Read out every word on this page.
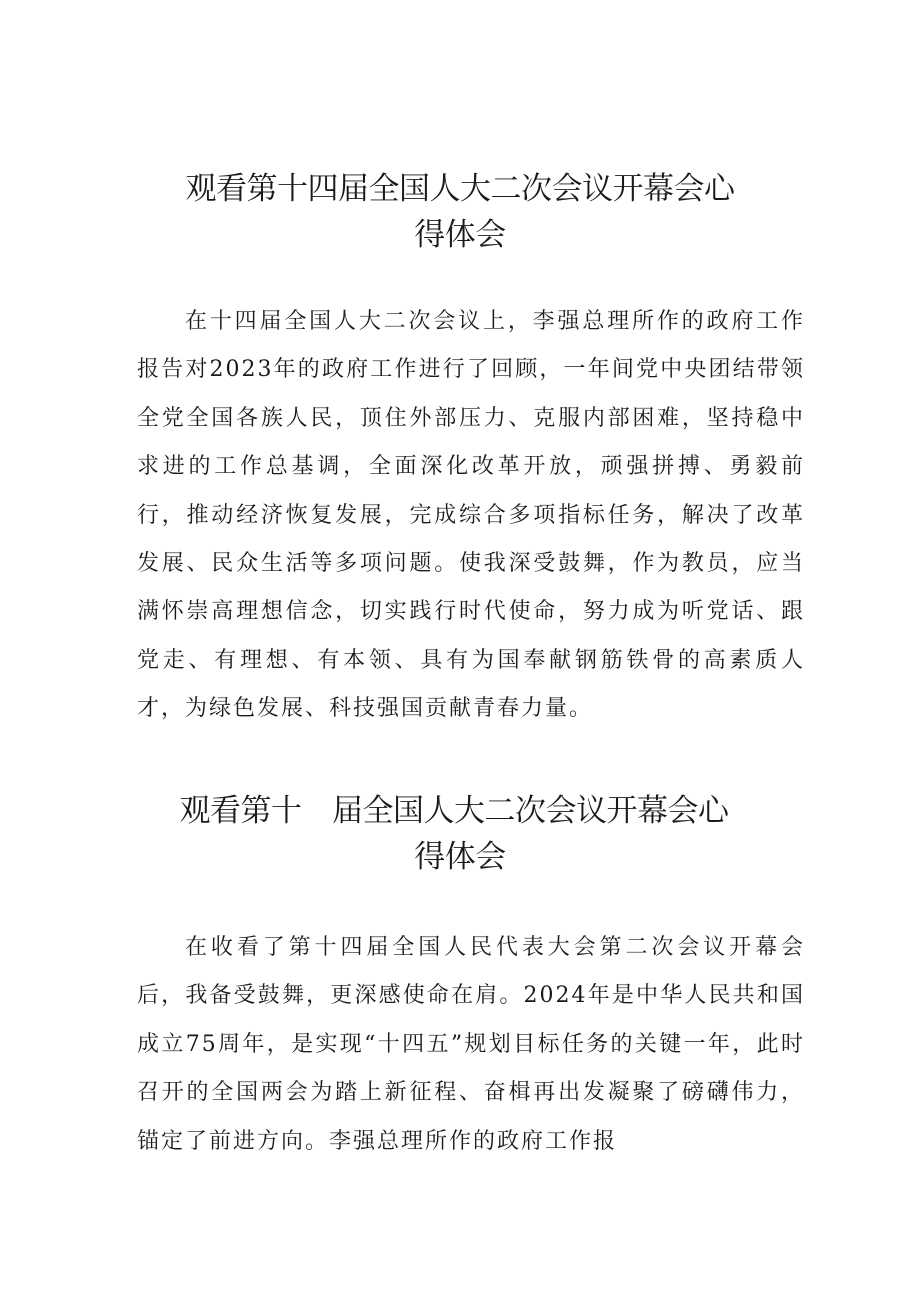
观看第十四届全国人大二次会议开幕会心
得体会

在十四届全国人大二次会议上，李强总理所作的政府工作报告对2023年的政府工作进行了回顾，一年间党中央团结带领全党全国各族人民，顶住外部压力、克服内部困难，坚持稳中求进的工作总基调，全面深化改革开放，顽强拼搏、勇毅前行，推动经济恢复发展，完成综合多项指标任务，解决了改革发展、民众生活等多项问题。使我深受鼓舞，作为教员，应当满怀崇高理想信念，切实践行时代使命，努力成为听党话、跟党走、有理想、有本领、具有为国奉献钢筋铁骨的高素质人才，为绿色发展、科技强国贡献青春力量。

观看第十　届全国人大二次会议开幕会心
得体会

在收看了第十四届全国人民代表大会第二次会议开幕会后，我备受鼓舞，更深感使命在肩。2024年是中华人民共和国成立75周年，是实现“十四五”规划目标任务的关键一年，此时召开的全国两会为踏上新征程、奋楫再出发凝聚了磅礴伟力，锚定了前进方向。李强总理所作的政府工作报
